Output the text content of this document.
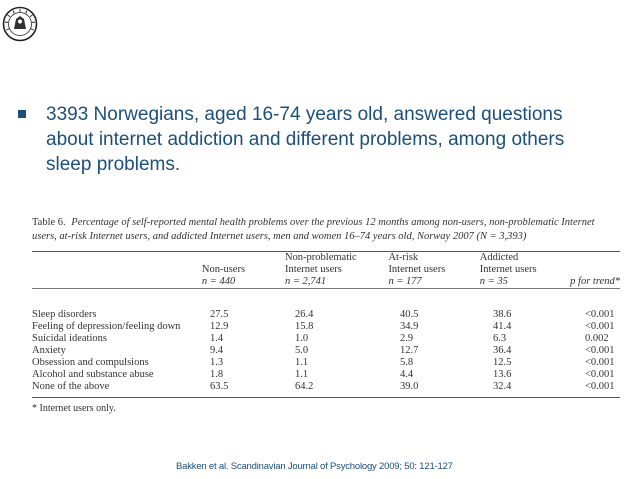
3393 Norwegians, aged 16-74 years old, answered questions about internet addiction and different problems, among others sleep problems.
Table 6. Percentage of self-reported mental health problems over the previous 12 months among non-users, non-problematic Internet users, at-risk Internet users, and addicted Internet users, men and women 16–74 years old, Norway 2007 (N = 3,393)
		Non-problematic	At-risk	Addicted	
	Non-users	Internet users	Internet users	Internet users	
	n = 440	n = 2,741	n = 177	n = 35	p for trend*

Sleep disorders	27.5	26.4	40.5	38.6	<0.001
Feeling of depression/feeling down	12.9	15.8	34.9	41.4	<0.001
Suicidal ideations	1.4	1.0	2.9	6.3	0.002
Anxiety	9.4	5.0	12.7	36.4	<0.001
Obsession and compulsions	1.3	1.1	5.8	12.5	<0.001
Alcohol and substance abuse	1.8	1.1	4.4	13.6	<0.001
None of the above	63.5	64.2	39.0	32.4	<0.001
* Internet users only.
Bakken et al. Scandinavian Journal of Psychology 2009; 50: 121-127
